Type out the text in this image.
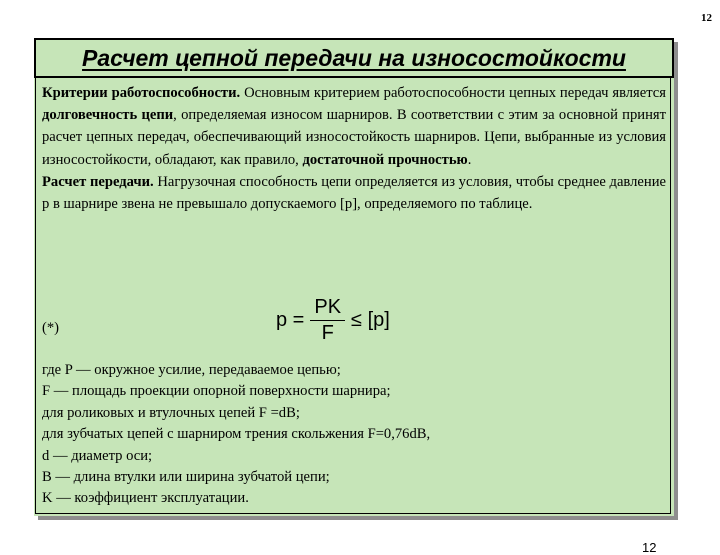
12
Расчет цепной передачи на износостойкости
Критерии работоспособности. Основным критерием работоспособности цепных передач является долговечность цепи, определяемая износом шарниров. В соответствии с этим за основной принят расчет цепных передач, обеспечивающий износостойкость шарниров. Цепи, выбранные из условия износостойкости, обладают, как правило, достаточной прочностью.
Расчет передачи. Нагрузочная способность цепи определяется из условия, чтобы среднее давление p в шарнире звена не превышало допускаемого [p], определяемого по таблице.
(*)	$p = \frac{PK}{F} \le [p]$
где P — окружное усилие, передаваемое цепью;
F — площадь проекции опорной поверхности шарнира;
для роликовых и втулочных цепей F =dB;
для зубчатых цепей с шарниром трения скольжения F=0,76dB,
d — диаметр оси;
B — длина втулки или ширина зубчатой цепи;
K — коэффициент эксплуатации.
12
